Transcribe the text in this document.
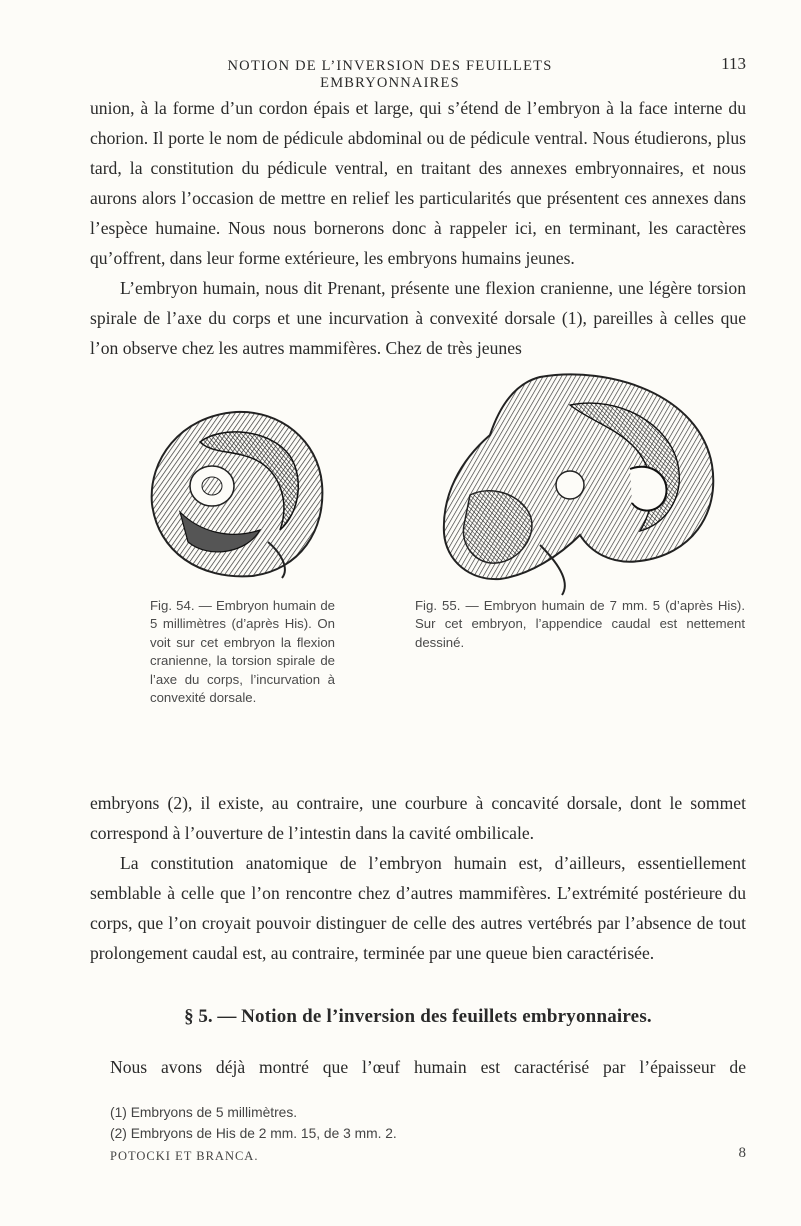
NOTION DE L’INVERSION DES FEUILLETS EMBRYONNAIRES
113

union, à la forme d’un cordon épais et large, qui s’étend de l’embryon à la face interne du chorion. Il porte le nom de pédicule abdominal ou de pédicule ventral. Nous étudierons, plus tard, la constitution du pédicule ventral, en traitant des annexes embryonnaires, et nous aurons alors l’occasion de mettre en relief les particularités que présentent ces annexes dans l’espèce humaine. Nous nous bornerons donc à rappeler ici, en terminant, les caractères qu’offrent, dans leur forme extérieure, les embryons humains jeunes.

L’embryon humain, nous dit Prenant, présente une flexion cranienne, une légère torsion spirale de l’axe du corps et une incurvation à convexité dorsale (1), pareilles à celles que l’on observe chez les autres mammifères. Chez de très jeunes

Fig. 54. — Embryon humain de 5 millimètres (d’après His). On voit sur cet embryon la flexion cranienne, la torsion spirale de l’axe du corps, l’incurvation à convexité dorsale.

Fig. 55. — Embryon humain de 7 mm. 5 (d’après His). Sur cet embryon, l’appendice caudal est nettement dessiné.

embryons (2), il existe, au contraire, une courbure à concavité dorsale, dont le sommet correspond à l’ouverture de l’intestin dans la cavité ombilicale.

La constitution anatomique de l’embryon humain est, d’ailleurs, essentiellement semblable à celle que l’on rencontre chez d’autres mammifères. L’extrémité postérieure du corps, que l’on croyait pouvoir distinguer de celle des autres vertébrés par l’absence de tout prolongement caudal est, au contraire, terminée par une queue bien caractérisée.

§ 5. — Notion de l’inversion des feuillets embryonnaires.

Nous avons déjà montré que l’œuf humain est caractérisé par l’épaisseur de

(1) Embryons de 5 millimètres.

(2) Embryons de His de 2 mm. 15, de 3 mm. 2.

POTOCKI ET BRANCA.	8
